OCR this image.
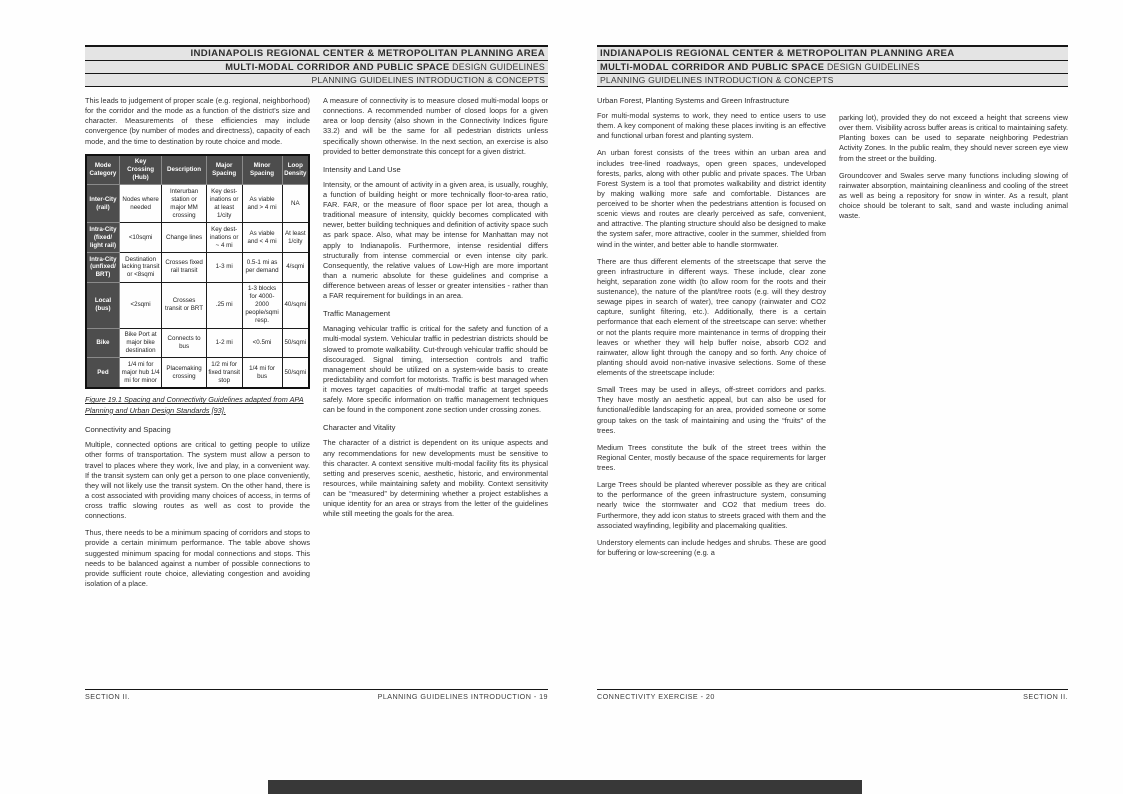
INDIANAPOLIS REGIONAL CENTER & METROPOLITAN PLANNING AREA
MULTI-MODAL CORRIDOR AND PUBLIC SPACE DESIGN GUIDELINES
PLANNING GUIDELINES INTRODUCTION & CONCEPTS

This leads to judgement of proper scale (e.g. regional, neighborhood) for the corridor and the mode as a function of the district's size and character. Measurements of these efficiencies may include convergence (by number of modes and directness), capacity of each mode, and the time to destination by route choice and mode.

Mode Category	Key Crossing (Hub)	Description	Major Spacing	Minor Spacing	Loop Density
Inter-City (rail)	Nodes where needed	Interurban station or major MM crossing	Key dest-inations or at least 1/city	As viable and > 4 mi	NA
Intra-City (fixed/ light rail)	<10sqmi	Change lines	Key dest-inations or ~ 4 mi	As viable and < 4 mi	At least 1/city
Intra-City (unfixed/ BRT)	Destination lacking transit or <8sqmi	Crosses fixed rail transit	1-3 mi	0.5-1 mi as per demand	4/sqmi
Local (bus)	<2sqmi	Crosses transit or BRT	.25 mi	1-3 blocks for 4000-2000 people/sqmi resp.	40/sqmi
Bike	Bike Port at major bike destination	Connects to bus	1-2 mi	<0.5mi	50/sqmi
Ped	1/4 mi for major hub 1/4 mi for minor	Placemaking crossing	1/2 mi for fixed transit stop	1/4 mi for bus	50/sqmi

Figure 19.1 Spacing and Connectivity Guidelines adapted from APA Planning and Urban Design Standards [93].

Connectivity and Spacing

Multiple, connected options are critical to getting people to utilize other forms of transportation. The system must allow a person to travel to places where they work, live and play, in a convenient way. If the transit system can only get a person to one place conveniently, they will not likely use the transit system. On the other hand, there is a cost associated with providing many choices of access, in terms of cross traffic slowing routes as well as cost to provide the connections.

Thus, there needs to be a minimum spacing of corridors and stops to provide a certain minimum performance. The table above shows suggested minimum spacing for modal connections and stops. This needs to be balanced against a number of possible connections to provide sufficient route choice, alleviating congestion and avoiding isolation of a place.

A measure of connectivity is to measure closed multi-modal loops or connections. A recommended number of closed loops for a given area or loop density (also shown in the Connectivity Indices figure 33.2) and will be the same for all pedestrian districts unless specifically shown otherwise. In the next section, an exercise is also provided to better demonstrate this concept for a given district.

Intensity and Land Use

Intensity, or the amount of activity in a given area, is usually, roughly, a function of building height or more technically floor-to-area ratio, FAR. FAR, or the measure of floor space per lot area, though a traditional measure of intensity, quickly becomes complicated with newer, better building techniques and definition of activity space such as park space. Also, what may be intense for Manhattan may not apply to Indianapolis. Furthermore, intense residential differs structurally from intense commercial or even intense city park. Consequently, the relative values of Low-High are more important than a numeric absolute for these guidelines and comprise a difference between areas of lesser or greater intensities - rather than a FAR requirement for buildings in an area.

Traffic Management

Managing vehicular traffic is critical for the safety and function of a multi-modal system. Vehicular traffic in pedestrian districts should be slowed to promote walkability. Cut-through vehicular traffic should be discouraged. Signal timing, intersection controls and traffic management should be utilized on a system-wide basis to create predictability and comfort for motorists. Traffic is best managed when it moves target capacities of multi-modal traffic at target speeds safely. More specific information on traffic management techniques can be found in the component zone section under crossing zones.

Character and Vitality

The character of a district is dependent on its unique aspects and any recommendations for new developments must be sensitive to this character. A context sensitive multi-modal facility fits its physical setting and preserves scenic, aesthetic, historic, and environmental resources, while maintaining safety and mobility. Context sensitivity can be “measured” by determining whether a project establishes a unique identity for an area or strays from the letter of the guidelines while still meeting the goals for the area.

SECTION II.	PLANNING GUIDELINES INTRODUCTION - 19
INDIANAPOLIS REGIONAL CENTER & METROPOLITAN PLANNING AREA
MULTI-MODAL CORRIDOR AND PUBLIC SPACE DESIGN GUIDELINES
PLANNING GUIDELINES INTRODUCTION & CONCEPTS
Urban Forest, Planting Systems and Green Infrastructure

For multi-modal systems to work, they need to entice users to use them. A key component of making these places inviting is an effective and functional urban forest and planting system.

An urban forest consists of the trees within an urban area and includes tree-lined roadways, open green spaces, undeveloped forests, parks, along with other public and private spaces. The Urban Forest System is a tool that promotes walkability and district identity by making walking more safe and comfortable. Distances are perceived to be shorter when the pedestrians attention is focused on scenic views and routes are clearly perceived as safe, convenient, and attractive. The planting structure should also be designed to make the system safer, more attractive, cooler in the summer, shielded from wind in the winter, and better able to handle stormwater.

There are thus different elements of the streetscape that serve the green infrastructure in different ways. These include, clear zone height, separation zone width (to allow room for the roots and their sustenance), the nature of the plant/tree roots (e.g. will they destroy sewage pipes in search of water), tree canopy (rainwater and CO2 capture, sunlight filtering, etc.). Additionally, there is a certain performance that each element of the streetscape can serve: whether or not the plants require more maintenance in terms of dropping their leaves or whether they will help buffer noise, absorb CO2 and rainwater, allow light through the canopy and so forth. Any choice of planting should avoid non-native invasive selections. Some of these elements of the streetscape include:

Small Trees may be used in alleys, off-street corridors and parks. They have mostly an aesthetic appeal, but can also be used for functional/edible landscaping for an area, provided someone or some group takes on the task of maintaining and using the “fruits” of the trees.

Medium Trees constitute the bulk of the street trees within the Regional Center, mostly because of the space requirements for larger trees.

Large Trees should be planted wherever possible as they are critical to the performance of the green infrastructure system, consuming nearly twice the stormwater and CO2 that medium trees do. Furthermore, they add icon status to streets graced with them and the associated wayfinding, legibility and placemaking qualities.

Understory elements can include hedges and shrubs. These are good for buffering or low-screening (e.g. a

parking lot), provided they do not exceed a height that screens view over them. Visibility across buffer areas is critical to maintaining safety. Planting boxes can be used to separate neighboring Pedestrian Activity Zones. In the public realm, they should never screen eye view from the street or the building.

Groundcover and Swales serve many functions including slowing of rainwater absorption, maintaining cleanliness and cooling of the street as well as being a repository for snow in winter. As a result, plant choice should be tolerant to salt, sand and waste including animal waste.

CONNECTIVITY EXERCISE - 20	SECTION II.
